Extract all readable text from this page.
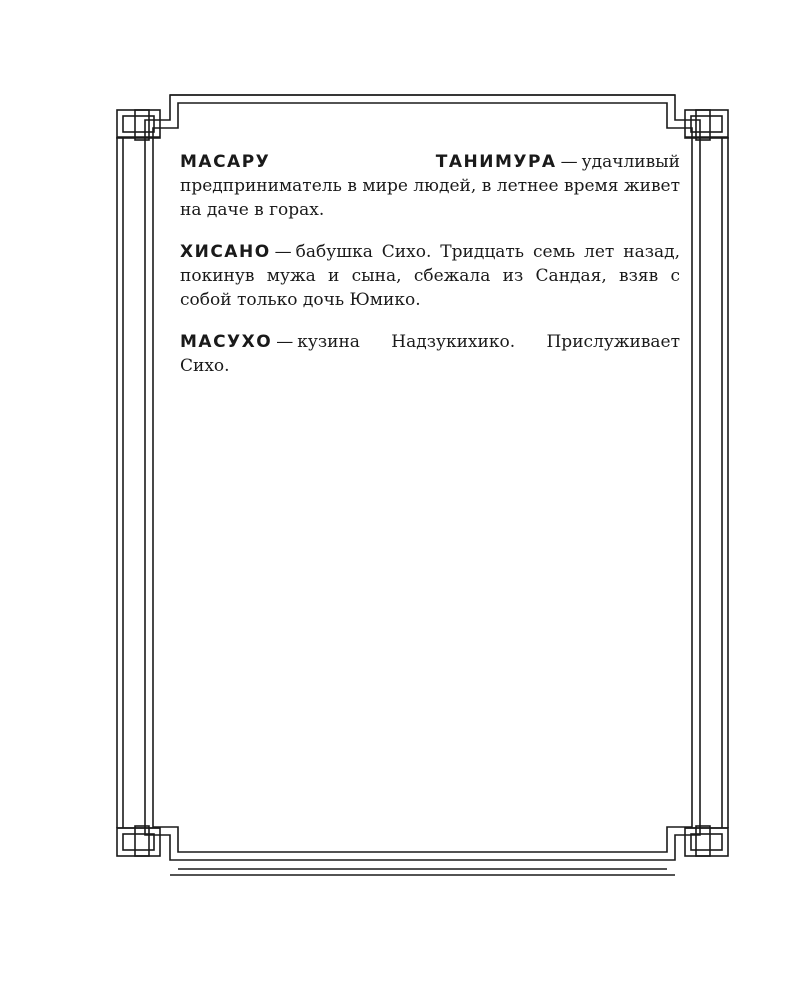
МАСАРУ ТАНИМУРА — удачливый предприниматель в мире людей, в летнее время живет на даче в горах.

ХИСАНО — бабушка Сихо. Тридцать семь лет назад, покинув мужа и сына, сбежала из Сандая, взяв с собой только дочь Юмико.

МАСУХО — кузина Надзукихико. Прислуживает Сихо.
